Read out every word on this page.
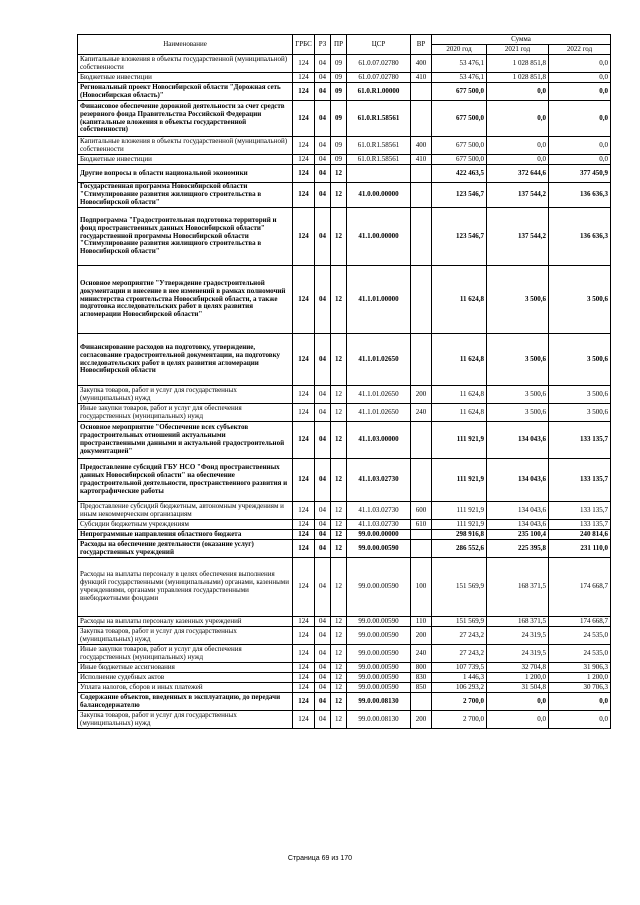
Наименование	ГРБС	РЗ	ПР	ЦСР	ВР	Сумма		
						2020 год	2021 год	2022 год
Капитальные вложения в объекты государственной (муниципальной) собственности	124	04	09	61.0.07.02780	400	53 476,1	1 028 851,8	0,0
Бюджетные инвестиции	124	04	09	61.0.07.02780	410	53 476,1	1 028 851,8	0,0
Региональный проект Новосибирской области "Дорожная сеть (Новосибирская область)"	124	04	09	61.0.R1.00000		677 500,0	0,0	0,0
Финансовое обеспечение дорожной деятельности за счет средств резервного фонда Правительства Российской Федерации (капитальные вложения в объекты государственной собственности)	124	04	09	61.0.R1.58561		677 500,0	0,0	0,0
Капитальные вложения в объекты государственной (муниципальной) собственности	124	04	09	61.0.R1.58561	400	677 500,0	0,0	0,0
Бюджетные инвестиции	124	04	09	61.0.R1.58561	410	677 500,0	0,0	0,0
Другие вопросы в области национальной экономики	124	04	12			422 463,5	372 644,6	377 450,9
Государственная программа Новосибирской области "Стимулирование развития жилищного строительства в Новосибирской области"	124	04	12	41.0.00.00000		123 546,7	137 544,2	136 636,3
Подпрограмма "Градостроительная подготовка территорий и фонд пространственных данных Новосибирской области" государственной программы Новосибирской области "Стимулирование развития жилищного строительства в Новосибирской области"	124	04	12	41.1.00.00000		123 546,7	137 544,2	136 636,3
Основное мероприятие "Утверждение градостроительной документации и внесение в нее изменений в рамках полномочий министерства строительства Новосибирской области, а также подготовка исследовательских работ в целях развития агломерации Новосибирской области"	124	04	12	41.1.01.00000		11 624,8	3 500,6	3 500,6
Финансирование расходов на подготовку, утверждение, согласование градостроительной документации, на подготовку исследовательских работ в целях развития агломерации Новосибирской области	124	04	12	41.1.01.02650		11 624,8	3 500,6	3 500,6
Закупка товаров, работ и услуг для государственных (муниципальных) нужд	124	04	12	41.1.01.02650	200	11 624,8	3 500,6	3 500,6
Иные закупки товаров, работ и услуг для обеспечения государственных (муниципальных) нужд	124	04	12	41.1.01.02650	240	11 624,8	3 500,6	3 500,6
Основное мероприятие "Обеспечение всех субъектов градостроительных отношений актуальными пространственными данными и актуальной градостроительной документацией"	124	04	12	41.1.03.00000		111 921,9	134 043,6	133 135,7
Предоставление субсидий ГБУ НСО "Фонд пространственных данных Новосибирской области" на обеспечение градостроительной деятельности, пространственного развития и картографические работы	124	04	12	41.1.03.02730		111 921,9	134 043,6	133 135,7
Предоставление субсидий бюджетным, автономным учреждениям и иным некоммерческим организациям	124	04	12	41.1.03.02730	600	111 921,9	134 043,6	133 135,7
Субсидии бюджетным учреждениям	124	04	12	41.1.03.02730	610	111 921,9	134 043,6	133 135,7
Непрограммные направления областного бюджета	124	04	12	99.0.00.00000		298 916,8	235 100,4	240 814,6
Расходы на обеспечение деятельности (оказание услуг) государственных учреждений	124	04	12	99.0.00.00590		286 552,6	225 395,8	231 110,0
Расходы на выплаты персоналу в целях обеспечения выполнения функций государственными (муниципальными) органами, казенными учреждениями, органами управления государственными внебюджетными фондами	124	04	12	99.0.00.00590	100	151 569,9	168 371,5	174 668,7
Расходы на выплаты персоналу казенных учреждений	124	04	12	99.0.00.00590	110	151 569,9	168 371,5	174 668,7
Закупка товаров, работ и услуг для государственных (муниципальных) нужд	124	04	12	99.0.00.00590	200	27 243,2	24 319,5	24 535,0
Иные закупки товаров, работ и услуг для обеспечения государственных (муниципальных) нужд	124	04	12	99.0.00.00590	240	27 243,2	24 319,5	24 535,0
Иные бюджетные ассигнования	124	04	12	99.0.00.00590	800	107 739,5	32 704,8	31 906,3
Исполнение судебных актов	124	04	12	99.0.00.00590	830	1 446,3	1 200,0	1 200,0
Уплата налогов, сборов и иных платежей	124	04	12	99.0.00.00590	850	106 293,2	31 504,8	30 706,3
Содержание объектов, введенных в эксплуатацию, до передачи балансодержателю	124	04	12	99.0.00.08130		2 700,0	0,0	0,0
Закупка товаров, работ и услуг для государственных (муниципальных) нужд	124	04	12	99.0.00.08130	200	2 700,0	0,0	0,0
Страница 69 из 170
